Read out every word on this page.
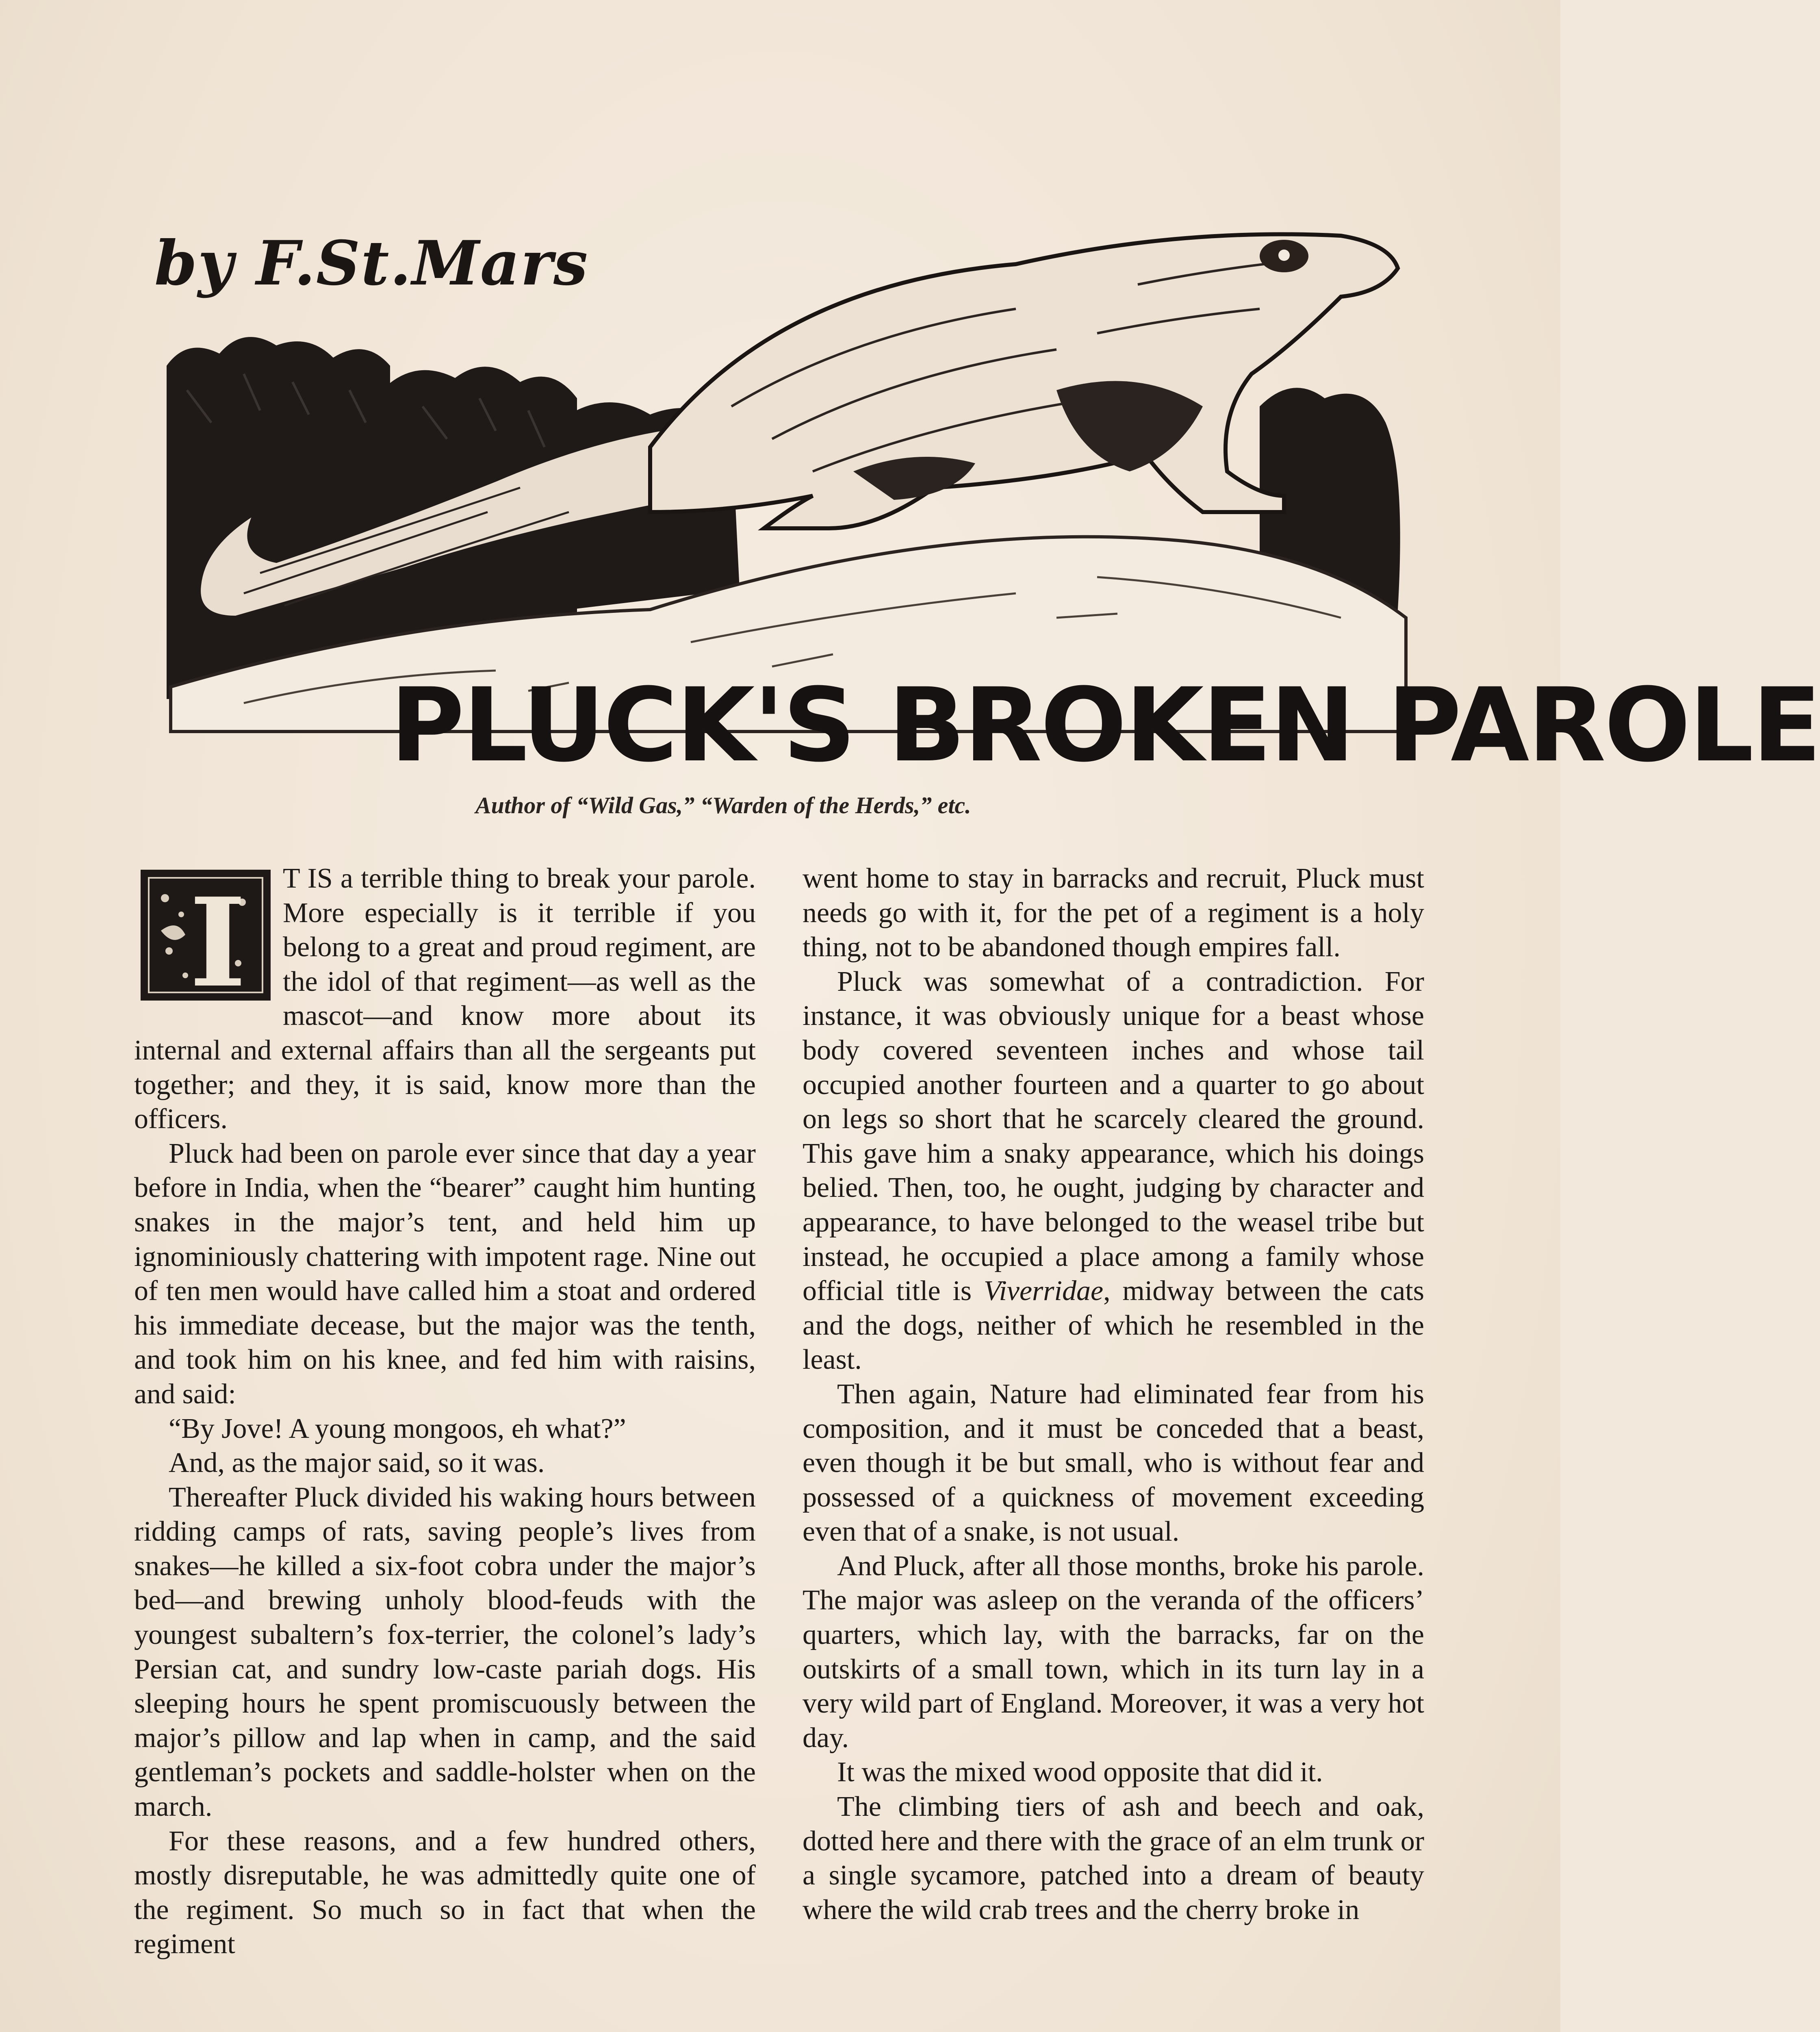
by F.St.Mars
PLUCK'S BROKEN PAROLE
Author of “Wild Gas,” “Warden of the Herds,” etc.
I	T IS a terrible thing to break your parole. More especially is it terrible if you belong to a great and proud regiment, are the idol of that regiment—as well as the mascot—and know more about its internal and external affairs than all the sergeants put together; and they, it is said, know more than the officers.

Pluck had been on parole ever since that day a year before in India, when the “bearer” caught him hunting snakes in the major’s tent, and held him up ignominiously chattering with impotent rage. Nine out of ten men would have called him a stoat and ordered his immediate decease, but the major was the tenth, and took him on his knee, and fed him with raisins, and said:

“By Jove! A young mongoos, eh what?”

And, as the major said, so it was.

Thereafter Pluck divided his waking hours between ridding camps of rats, saving people’s lives from snakes—he killed a six-foot cobra under the major’s bed—and brewing unholy blood-feuds with the youngest subaltern’s fox-terrier, the colonel’s lady’s Persian cat, and sundry low-caste pariah dogs. His sleeping hours he spent promiscuously between the major’s pillow and lap when in camp, and the said gentleman’s pockets and saddle-holster when on the march.

For these reasons, and a few hundred others, mostly disreputable, he was admittedly quite one of the regiment. So much so in fact that when the regiment

went home to stay in barracks and recruit, Pluck must needs go with it, for the pet of a regiment is a holy thing, not to be abandoned though empires fall.

Pluck was somewhat of a contradiction. For instance, it was obviously unique for a beast whose body covered seventeen inches and whose tail occupied another fourteen and a quarter to go about on legs so short that he scarcely cleared the ground. This gave him a snaky appearance, which his doings belied. Then, too, he ought, judging by character and appearance, to have belonged to the weasel tribe but instead, he occupied a place among a family whose official title is Viverridae, midway between the cats and the dogs, neither of which he resembled in the least.

Then again, Nature had eliminated fear from his composition, and it must be conceded that a beast, even though it be but small, who is without fear and possessed of a quickness of movement exceeding even that of a snake, is not usual.

And Pluck, after all those months, broke his parole. The major was asleep on the veranda of the officers’ quarters, which lay, with the barracks, far on the outskirts of a small town, which in its turn lay in a very wild part of England. Moreover, it was a very hot day.

It was the mixed wood opposite that did it.

The climbing tiers of ash and beech and oak, dotted here and there with the grace of an elm trunk or a single sycamore, patched into a dream of beauty where the wild crab trees and the cherry broke in
